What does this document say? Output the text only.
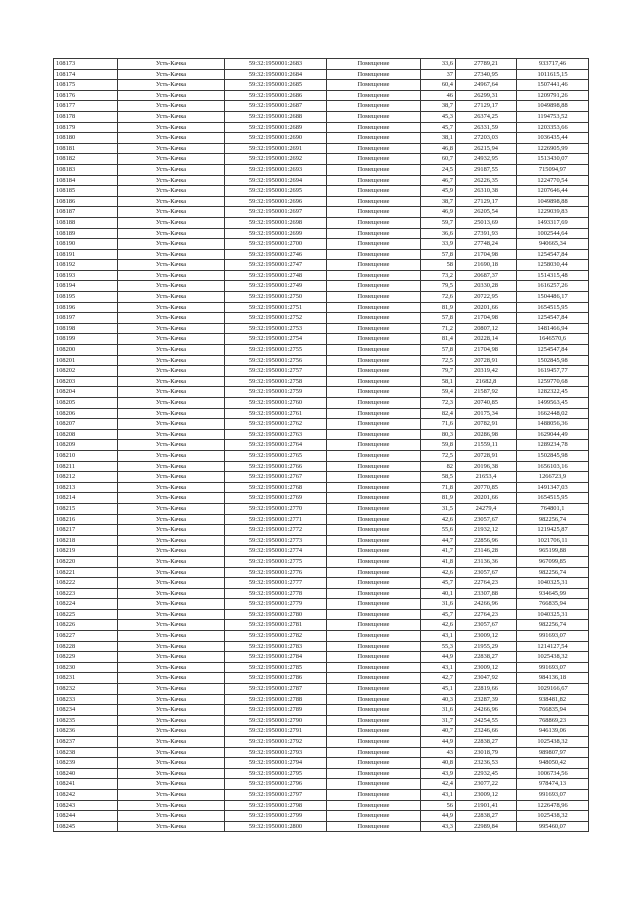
108173	Усть-Качка	59:32:1950001:2683	Помещение	33,6	27789,21	933717,46
108174	Усть-Качка	59:32:1950001:2684	Помещение	37	27340,95	1011615,15
108175	Усть-Качка	59:32:1950001:2685	Помещение	60,4	24967,64	1507441,46
108176	Усть-Качка	59:32:1950001:2686	Помещение	46	26299,31	1209791,26
108177	Усть-Качка	59:32:1950001:2687	Помещение	38,7	27129,17	1049898,88
108178	Усть-Качка	59:32:1950001:2688	Помещение	45,3	26374,25	1194753,52
108179	Усть-Качка	59:32:1950001:2689	Помещение	45,7	26331,59	1203353,66
108180	Усть-Качка	59:32:1950001:2690	Помещение	38,1	27203,03	1036435,44
108181	Усть-Качка	59:32:1950001:2691	Помещение	46,8	26215,94	1226905,99
108182	Усть-Качка	59:32:1950001:2692	Помещение	60,7	24932,95	1513430,07
108183	Усть-Качка	59:32:1950001:2693	Помещение	24,5	29187,55	715094,97
108184	Усть-Качка	59:32:1950001:2694	Помещение	46,7	26226,35	1224770,54
108185	Усть-Качка	59:32:1950001:2695	Помещение	45,9	26310,38	1207646,44
108186	Усть-Качка	59:32:1950001:2696	Помещение	38,7	27129,17	1049898,88
108187	Усть-Качка	59:32:1950001:2697	Помещение	46,9	26205,54	1229039,83
108188	Усть-Качка	59:32:1950001:2698	Помещение	59,7	25013,69	1493317,69
108189	Усть-Качка	59:32:1950001:2699	Помещение	36,6	27391,93	1002544,64
108190	Усть-Качка	59:32:1950001:2700	Помещение	33,9	27748,24	940665,34
108191	Усть-Качка	59:32:1950001:2746	Помещение	57,8	21704,98	1254547,84
108192	Усть-Качка	59:32:1950001:2747	Помещение	58	21690,18	1258030,44
108193	Усть-Качка	59:32:1950001:2748	Помещение	73,2	20687,37	1514315,48
108194	Усть-Качка	59:32:1950001:2749	Помещение	79,5	20330,28	1616257,26
108195	Усть-Качка	59:32:1950001:2750	Помещение	72,6	20722,95	1504486,17
108196	Усть-Качка	59:32:1950001:2751	Помещение	81,9	20201,66	1654515,95
108197	Усть-Качка	59:32:1950001:2752	Помещение	57,8	21704,98	1254547,84
108198	Усть-Качка	59:32:1950001:2753	Помещение	71,2	20807,12	1481466,94
108199	Усть-Качка	59:32:1950001:2754	Помещение	81,4	20228,14	1646570,6
108200	Усть-Качка	59:32:1950001:2755	Помещение	57,8	21704,98	1254547,84
108201	Усть-Качка	59:32:1950001:2756	Помещение	72,5	20728,91	1502845,98
108202	Усть-Качка	59:32:1950001:2757	Помещение	79,7	20319,42	1619457,77
108203	Усть-Качка	59:32:1950001:2758	Помещение	58,1	21682,8	1259770,68
108204	Усть-Качка	59:32:1950001:2759	Помещение	59,4	21587,92	1282322,45
108205	Усть-Качка	59:32:1950001:2760	Помещение	72,3	20740,85	1499563,45
108206	Усть-Качка	59:32:1950001:2761	Помещение	82,4	20175,34	1662448,02
108207	Усть-Качка	59:32:1950001:2762	Помещение	71,6	20782,91	1488056,36
108208	Усть-Качка	59:32:1950001:2763	Помещение	80,3	20286,98	1629044,49
108209	Усть-Качка	59:32:1950001:2764	Помещение	59,8	21559,11	1289234,78
108210	Усть-Качка	59:32:1950001:2765	Помещение	72,5	20728,91	1502845,98
108211	Усть-Качка	59:32:1950001:2766	Помещение	82	20196,38	1656103,16
108212	Усть-Качка	59:32:1950001:2767	Помещение	58,5	21653,4	1266723,9
108213	Усть-Качка	59:32:1950001:2768	Помещение	71,8	20770,85	1491347,03
108214	Усть-Качка	59:32:1950001:2769	Помещение	81,9	20201,66	1654515,95
108215	Усть-Качка	59:32:1950001:2770	Помещение	31,5	24279,4	764801,1
108216	Усть-Качка	59:32:1950001:2771	Помещение	42,6	23057,67	982256,74
108217	Усть-Качка	59:32:1950001:2772	Помещение	55,6	21932,12	1219425,87
108218	Усть-Качка	59:32:1950001:2773	Помещение	44,7	22856,96	1021706,11
108219	Усть-Качка	59:32:1950001:2774	Помещение	41,7	23146,28	965199,88
108220	Усть-Качка	59:32:1950001:2775	Помещение	41,8	23136,36	967099,85
108221	Усть-Качка	59:32:1950001:2776	Помещение	42,6	23057,67	982256,74
108222	Усть-Качка	59:32:1950001:2777	Помещение	45,7	22764,23	1040325,31
108223	Усть-Качка	59:32:1950001:2778	Помещение	40,1	23307,88	934645,99
108224	Усть-Качка	59:32:1950001:2779	Помещение	31,6	24266,96	766835,94
108225	Усть-Качка	59:32:1950001:2780	Помещение	45,7	22764,23	1040325,31
108226	Усть-Качка	59:32:1950001:2781	Помещение	42,6	23057,67	982256,74
108227	Усть-Качка	59:32:1950001:2782	Помещение	43,1	23009,12	991693,07
108228	Усть-Качка	59:32:1950001:2783	Помещение	55,3	21955,29	1214127,54
108229	Усть-Качка	59:32:1950001:2784	Помещение	44,9	22838,27	1025438,32
108230	Усть-Качка	59:32:1950001:2785	Помещение	43,1	23009,12	991693,07
108231	Усть-Качка	59:32:1950001:2786	Помещение	42,7	23047,92	984136,18
108232	Усть-Качка	59:32:1950001:2787	Помещение	45,1	22819,66	1029166,67
108233	Усть-Качка	59:32:1950001:2788	Помещение	40,3	23287,39	938481,82
108234	Усть-Качка	59:32:1950001:2789	Помещение	31,6	24266,96	766835,94
108235	Усть-Качка	59:32:1950001:2790	Помещение	31,7	24254,55	768869,23
108236	Усть-Качка	59:32:1950001:2791	Помещение	40,7	23246,66	946139,06
108237	Усть-Качка	59:32:1950001:2792	Помещение	44,9	22838,27	1025438,32
108238	Усть-Качка	59:32:1950001:2793	Помещение	43	23018,79	989807,97
108239	Усть-Качка	59:32:1950001:2794	Помещение	40,8	23236,53	948050,42
108240	Усть-Качка	59:32:1950001:2795	Помещение	43,9	22932,45	1006734,56
108241	Усть-Качка	59:32:1950001:2796	Помещение	42,4	23077,22	978474,13
108242	Усть-Качка	59:32:1950001:2797	Помещение	43,1	23009,12	991693,07
108243	Усть-Качка	59:32:1950001:2798	Помещение	56	21901,41	1226478,96
108244	Усть-Качка	59:32:1950001:2799	Помещение	44,9	22838,27	1025438,32
108245	Усть-Качка	59:32:1950001:2800	Помещение	43,3	22989,84	995460,07
